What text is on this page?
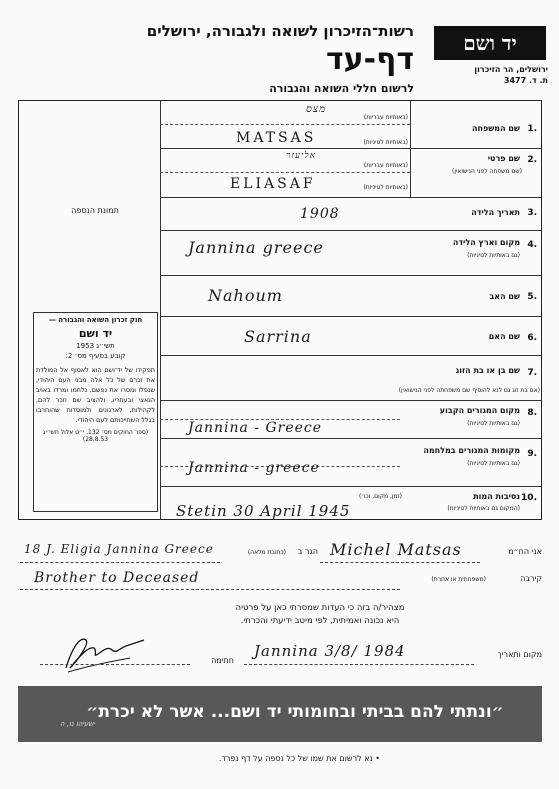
יד ושם
רשות־הזיכרון לשואה ולגבורה, ירושלים
דף-עד
לרשום חללי השואה והגבורה
ירושלים, הר הזיכרון
ת. ד. 3477
תמונת הנספה
חוק זכרון השואה והגבורה —
יד ושם
תשי״ג 1953
קובע בסעיף מס׳ 2:
תפקידו של יד־ושם הוא לאסוף אל המולדת את זכרם של כל אלה מבני העם היהודי, שנפלו ומסרו את נפשם, נלחמו ומרדו באויב הנאצי ובעוזריו, ולהציב שם וזכר להם, לקהילות, לארגונים ולמוסדות שהוחרבו בגלל השתייכותם לעם היהודי.
(ספר החוקים מס׳ 132, י״ט אלול תשי״ג 28.8.53)
1.
שם המשפחה
(באותיות עבריות)
(באותיות לטיניות)
מצס
MATSAS
2.
שם פרטי
(שם משפחה לפני הנישואין)
(באותיות עבריות)
(באותיות לטיניות)
אליעזר
ELIASAF
3.
תאריך הלידה
1908
4.
מקום וארץ הלידה
(גם באותיות לטיניות)
Jannina greece
5.
שם האב
Nahoum
6.
שם האם
Sarrina
7.
שם בן או בת הזוג
(אם בת זוג גם לנא להוסיף שם משפחתה לפני הנישואין)
8.
מקום המגורים הקבוע
(גם באותיות לטיניות)
Jannina - Greece
9.
מקומות המגורים במלחמה
(גם באותיות לטיניות)
Jannina - greece
10.
נסיבות המות
(זמן, מקום, וכו׳)
(המקום גם באותיות לטיניות)
Stetin 30 April 1945
אני הח״מ
Michel Matsas
הגר ב
(כתובת מלאה)
18 J. Eligia Jannina Greece
קירבה
(משפחתית או אחרת)
Brother to Deceased
מצהיר/ה בזה כי העדות שמסרתי כאן על פרטיה
היא נכונה ואמיתית, לפי מיטב ידיעתי והכרתי.
חתימה
Jannina 3/8/ 1984	מקום ותאריך
״ונתתי להם בביתי ובחומותי יד ושם... אשר לא יכרת״
ישעיהו נו, ה
• נא לרשום את שמו של כל נספה על דף נפרד.
